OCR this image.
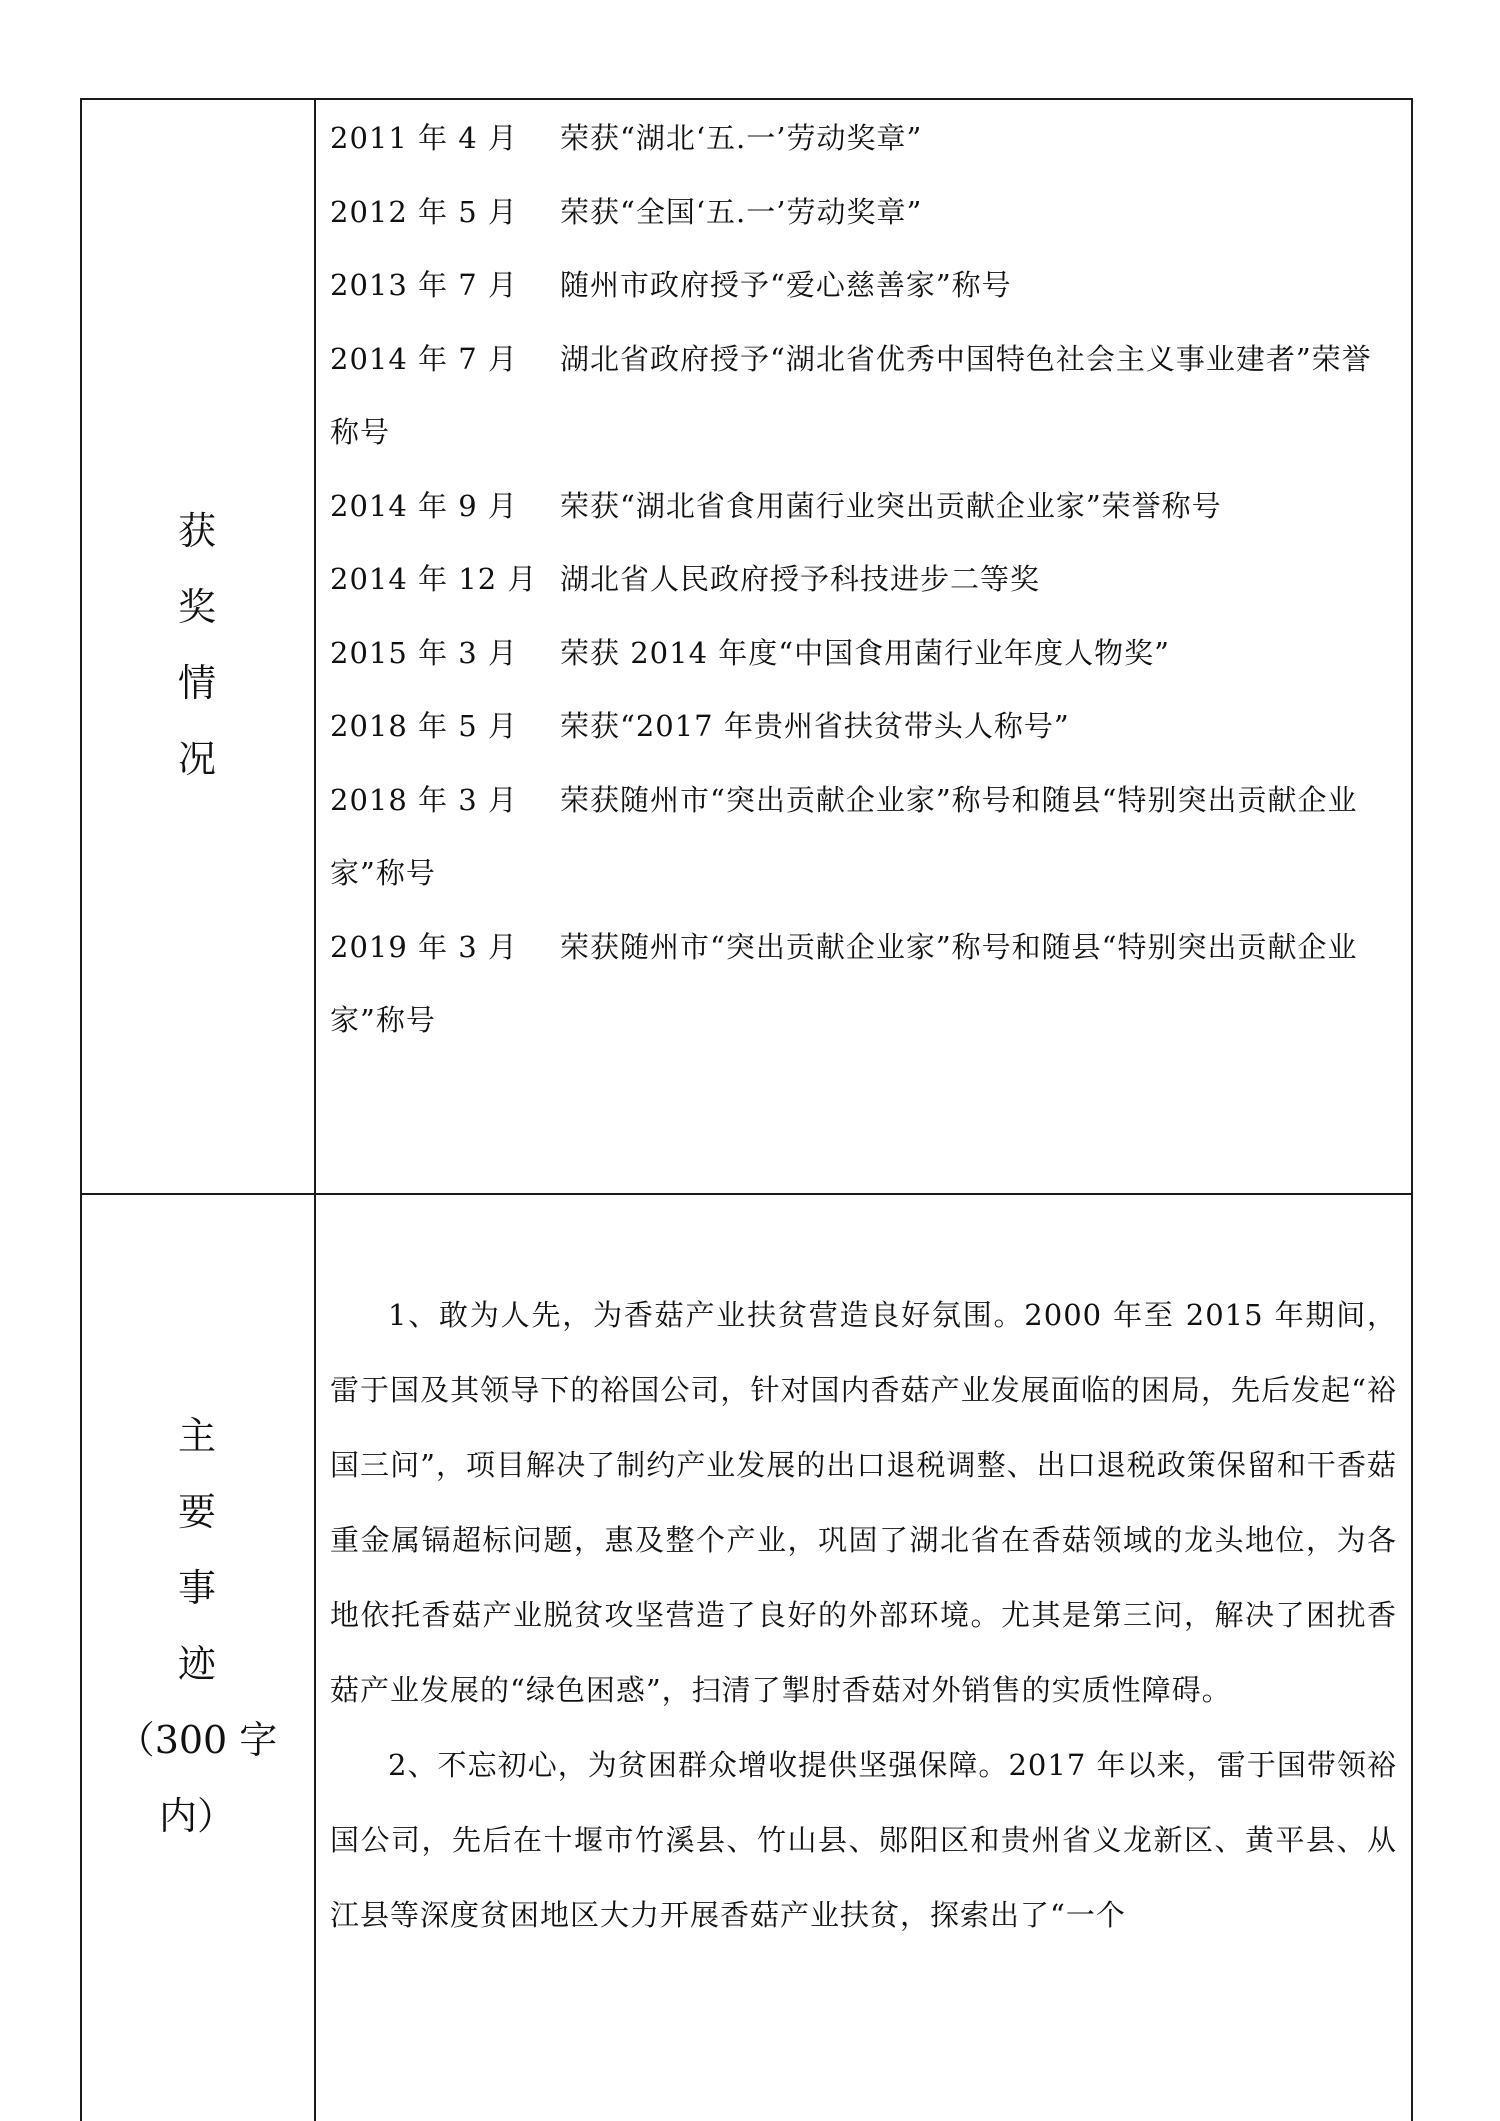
获
奖
情
况
2011 年 4 月 荣获“湖北‘五.一’劳动奖章”
2012 年 5 月 荣获“全国‘五.一’劳动奖章”
2013 年 7 月 随州市政府授予“爱心慈善家”称号
2014 年 7 月 湖北省政府授予“湖北省优秀中国特色社会主义事业建者”荣誉称号
2014 年 9 月 荣获“湖北省食用菌行业突出贡献企业家”荣誉称号
2014 年 12 月 湖北省人民政府授予科技进步二等奖
2015 年 3 月 荣获 2014 年度“中国食用菌行业年度人物奖”
2018 年 5 月 荣获“2017 年贵州省扶贫带头人称号”
2018 年 3 月 荣获随州市“突出贡献企业家”称号和随县“特别突出贡献企业家”称号
2019 年 3 月 荣获随州市“突出贡献企业家”称号和随县“特别突出贡献企业家”称号
主
要
事
迹
（300 字
内）

1、敢为人先，为香菇产业扶贫营造良好氛围。2000 年至 2015 年期间，雷于国及其领导下的裕国公司，针对国内香菇产业发展面临的困局，先后发起“裕国三问”，项目解决了制约产业发展的出口退税调整、出口退税政策保留和干香菇重金属镉超标问题，惠及整个产业，巩固了湖北省在香菇领域的龙头地位，为各地依托香菇产业脱贫攻坚营造了良好的外部环境。尤其是第三问，解决了困扰香菇产业发展的“绿色困惑”，扫清了掣肘香菇对外销售的实质性障碍。

2、不忘初心，为贫困群众增收提供坚强保障。2017 年以来，雷于国带领裕国公司，先后在十堰市竹溪县、竹山县、郧阳区和贵州省义龙新区、黄平县、从江县等深度贫困地区大力开展香菇产业扶贫，探索出了“一个
